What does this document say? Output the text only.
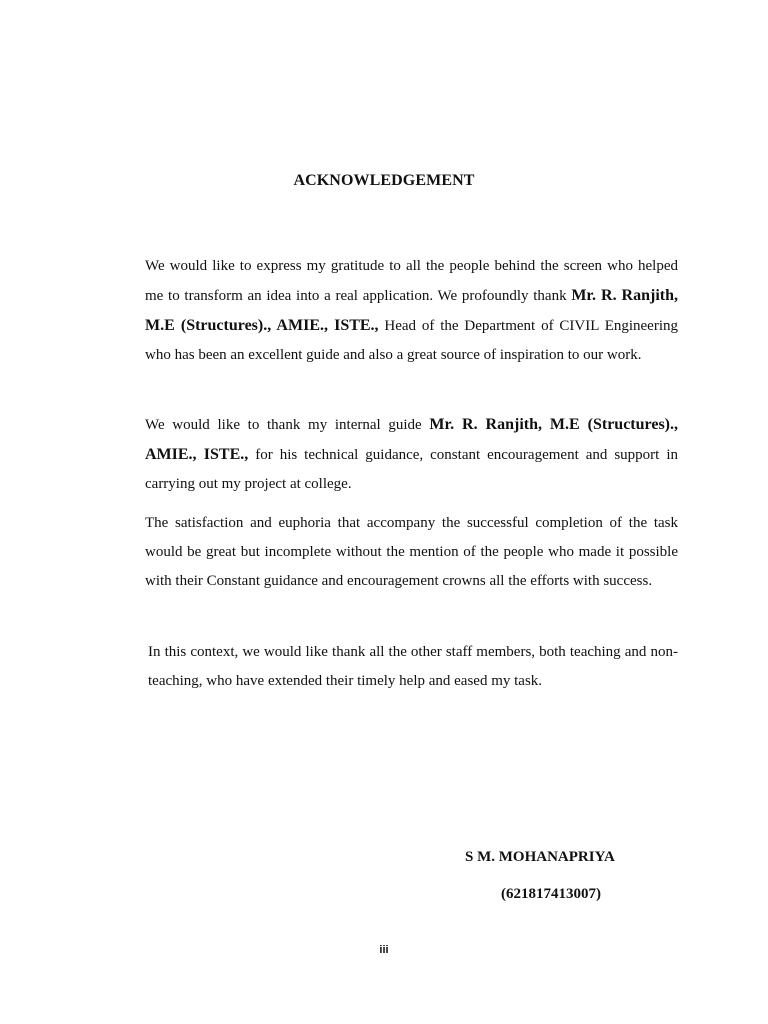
ACKNOWLEDGEMENT

We would like to express my gratitude to all the people behind the screen who helped me to transform an idea into a real application. We profoundly thank Mr. R. Ranjith, M.E (Structures)., AMIE., ISTE., Head of the Department of CIVIL Engineering who has been an excellent guide and also a great source of inspiration to our work.

We would like to thank my internal guide Mr. R. Ranjith, M.E (Structures)., AMIE., ISTE., for his technical guidance, constant encouragement and support in carrying out my project at college.

The satisfaction and euphoria that accompany the successful completion of the task would be great but incomplete without the mention of the people who made it possible with their Constant guidance and encouragement crowns all the efforts with success.

In this context, we would like thank all the other staff members, both teaching and non-teaching, who have extended their timely help and eased my task.

S M. MOHANAPRIYA
(621817413007)
iii
